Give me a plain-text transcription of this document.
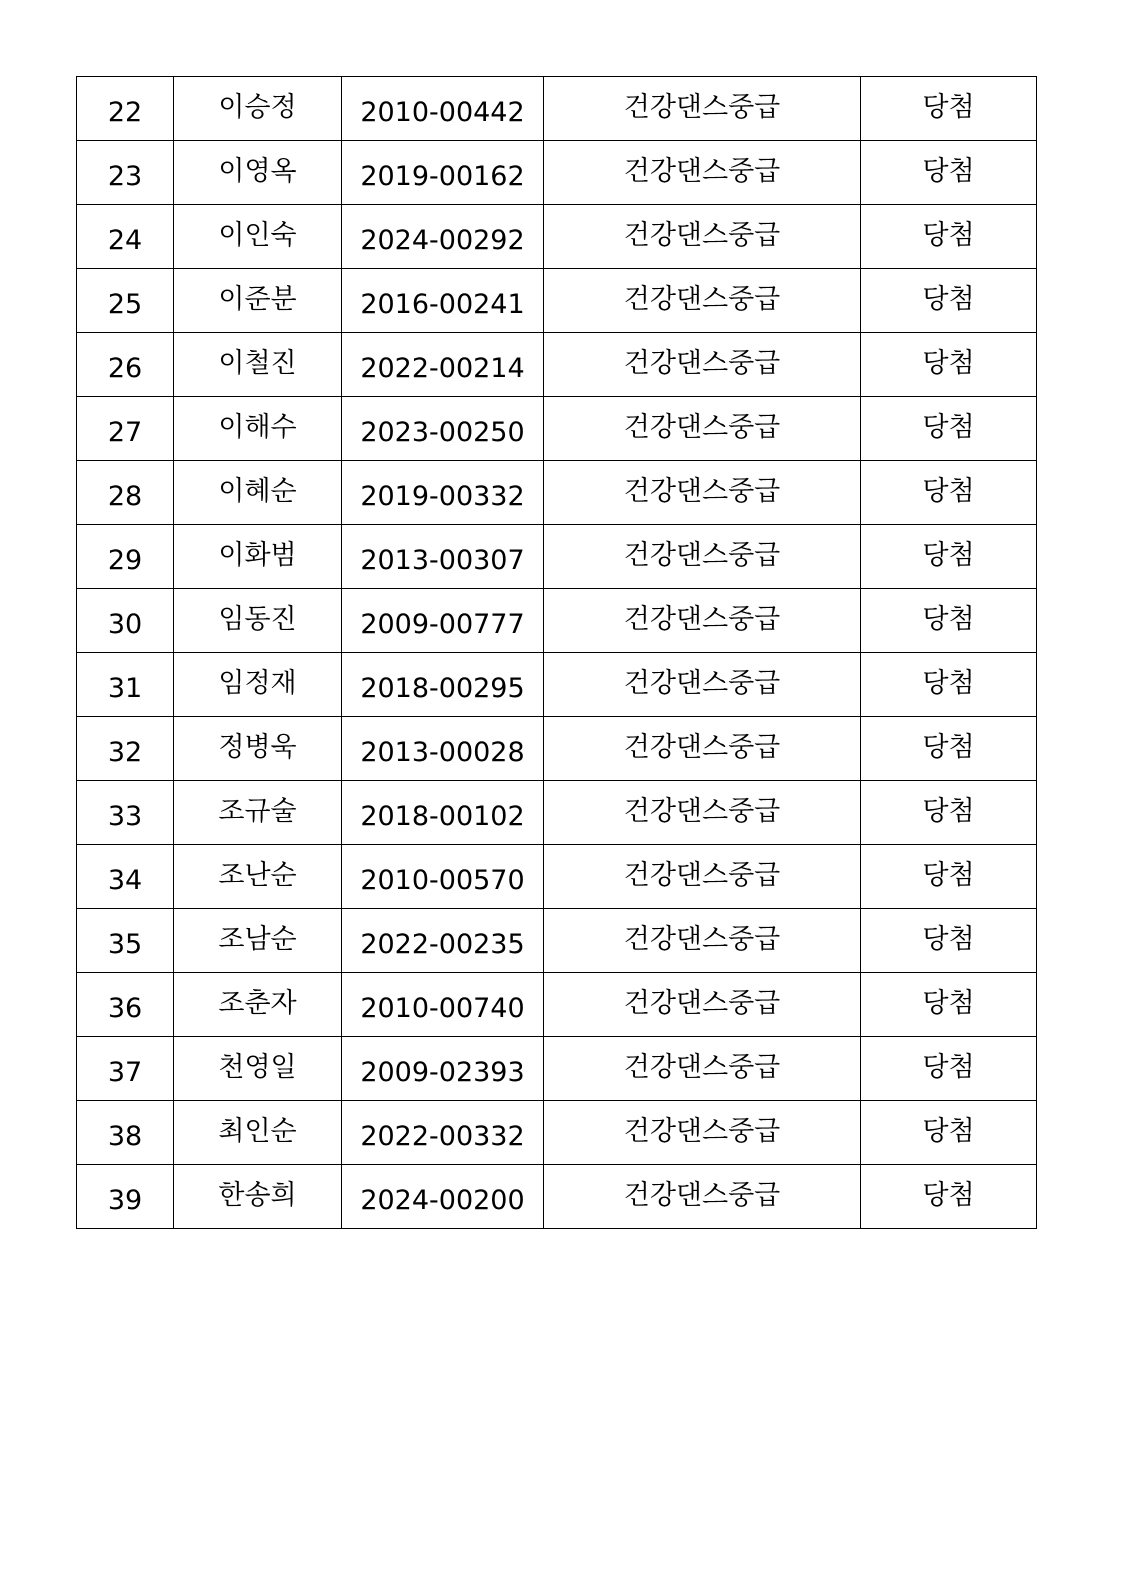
22	이승정	2010-00442	건강댄스중급	당첨
23	이영옥	2019-00162	건강댄스중급	당첨
24	이인숙	2024-00292	건강댄스중급	당첨
25	이준분	2016-00241	건강댄스중급	당첨
26	이철진	2022-00214	건강댄스중급	당첨
27	이해수	2023-00250	건강댄스중급	당첨
28	이혜순	2019-00332	건강댄스중급	당첨
29	이화범	2013-00307	건강댄스중급	당첨
30	임동진	2009-00777	건강댄스중급	당첨
31	임정재	2018-00295	건강댄스중급	당첨
32	정병욱	2013-00028	건강댄스중급	당첨
33	조규술	2018-00102	건강댄스중급	당첨
34	조난순	2010-00570	건강댄스중급	당첨
35	조남순	2022-00235	건강댄스중급	당첨
36	조춘자	2010-00740	건강댄스중급	당첨
37	천영일	2009-02393	건강댄스중급	당첨
38	최인순	2022-00332	건강댄스중급	당첨
39	한송희	2024-00200	건강댄스중급	당첨
